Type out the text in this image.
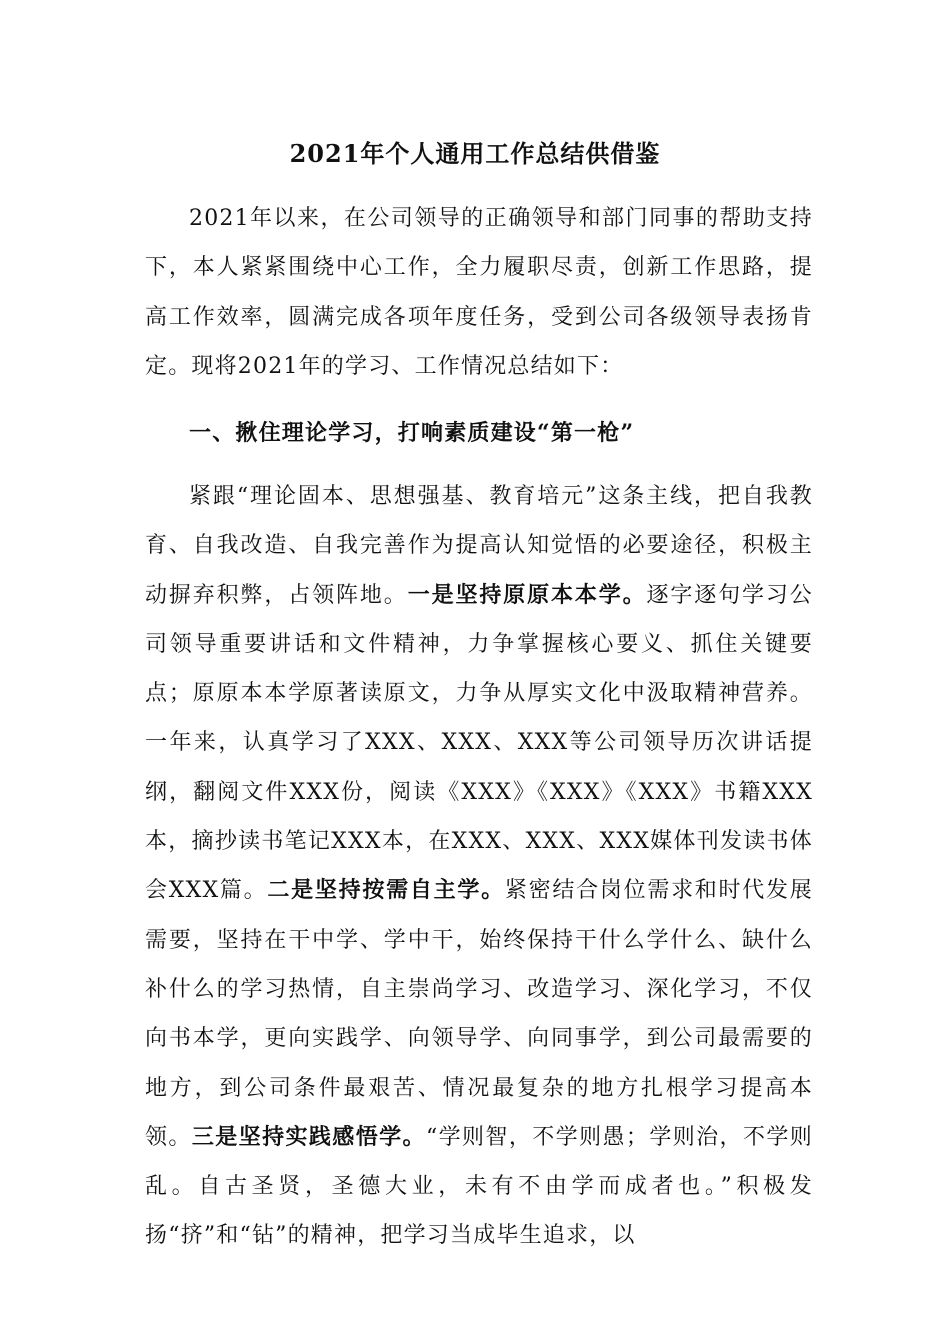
2021年个人通用工作总结供借鉴

2021年以来，在公司领导的正确领导和部门同事的帮助支持下，本人紧紧围绕中心工作，全力履职尽责，创新工作思路，提高工作效率，圆满完成各项年度任务，受到公司各级领导表扬肯定。现将2021年的学习、工作情况总结如下：

一、揪住理论学习，打响素质建设“第一枪”

紧跟“理论固本、思想强基、教育培元”这条主线，把自我教育、自我改造、自我完善作为提高认知觉悟的必要途径，积极主动摒弃积弊，占领阵地。一是坚持原原本本学。逐字逐句学习公司领导重要讲话和文件精神，力争掌握核心要义、抓住关键要点；原原本本学原著读原文，力争从厚实文化中汲取精神营养。一年来，认真学习了XXX、XXX、XXX等公司领导历次讲话提纲，翻阅文件XXX份，阅读《XXX》《XXX》《XXX》书籍XXX本，摘抄读书笔记XXX本，在XXX、XXX、XXX媒体刊发读书体会XXX篇。二是坚持按需自主学。紧密结合岗位需求和时代发展需要，坚持在干中学、学中干，始终保持干什么学什么、缺什么补什么的学习热情，自主崇尚学习、改造学习、深化学习，不仅向书本学，更向实践学、向领导学、向同事学，到公司最需要的地方，到公司条件最艰苦、情况最复杂的地方扎根学习提高本领。三是坚持实践感悟学。“学则智，不学则愚；学则治，不学则乱。自古圣贤，圣德大业，未有不由学而成者也。”积极发扬“挤”和“钻”的精神，把学习当成毕生追求，以
